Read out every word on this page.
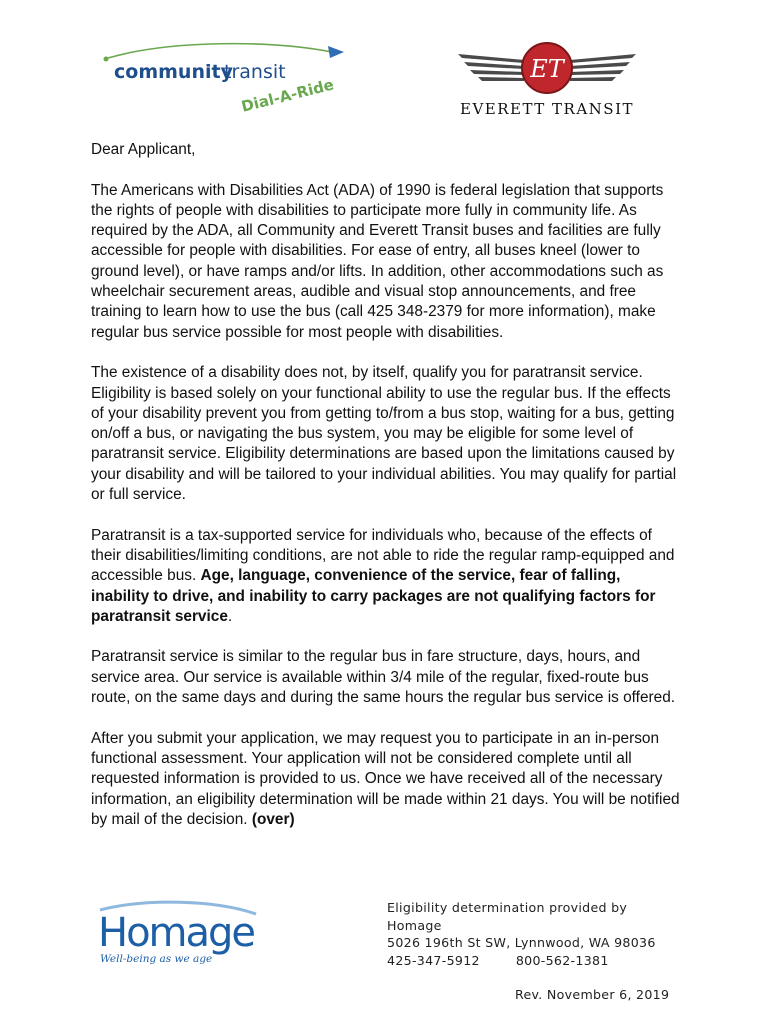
community
transit
Dial-A-Ride
ET
EVERETT TRANSIT

Dear Applicant,

The Americans with Disabilities Act (ADA) of 1990 is federal legislation that supports the rights of people with disabilities to participate more fully in community life. As required by the ADA, all Community and Everett Transit buses and facilities are fully accessible for people with disabilities. For ease of entry, all buses kneel (lower to ground level), or have ramps and/or lifts. In addition, other accommodations such as wheelchair securement areas, audible and visual stop announcements, and free training to learn how to use the bus (call 425 348-2379 for more information), make regular bus service possible for most people with disabilities.

The existence of a disability does not, by itself, qualify you for paratransit service. Eligibility is based solely on your functional ability to use the regular bus. If the effects of your disability prevent you from getting to/from a bus stop, waiting for a bus, getting on/off a bus, or navigating the bus system, you may be eligible for some level of paratransit service. Eligibility determinations are based upon the limitations caused by your disability and will be tailored to your individual abilities. You may qualify for partial or full service.

Paratransit is a tax-supported service for individuals who, because of the effects of their disabilities/limiting conditions, are not able to ride the regular ramp-equipped and accessible bus. Age, language, convenience of the service, fear of falling, inability to drive, and inability to carry packages are not qualifying factors for paratransit service.

Paratransit service is similar to the regular bus in fare structure, days, hours, and service area. Our service is available within 3/4 mile of the regular, fixed-route bus route, on the same days and during the same hours the regular bus service is offered.

After you submit your application, we may request you to participate in an in-person functional assessment. Your application will not be considered complete until all requested information is provided to us. Once we have received all of the necessary information, an eligibility determination will be made within 21 days. You will be notified by mail of the decision. (over)

Homage
Well-being as we age
Eligibility determination provided by
Homage
5026 196th St SW, Lynnwood, WA 98036
425-347-5912	800-562-1381
Rev. November 6, 2019
